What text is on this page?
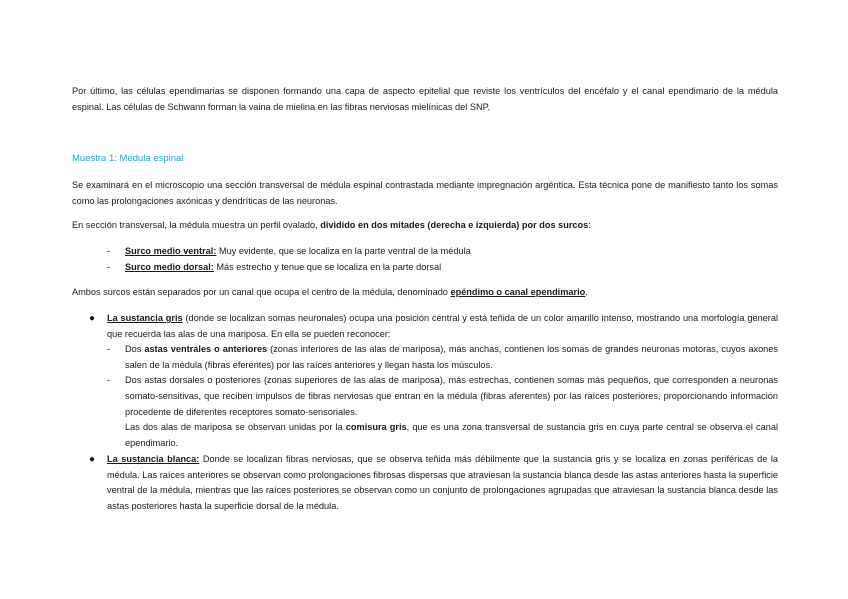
Por último, las células ependimarias se disponen formando una capa de aspecto epitelial que reviste los ventrículos del encéfalo y el canal ependimario de la médula espinal. Las células de Schwann forman la vaina de mielina en las fibras nerviosas mielínicas del SNP.

Muestra 1: Médula espinal

Se examinará en el microscopio una sección transversal de médula espinal contrastada mediante impregnación argéntica. Esta técnica pone de manifiesto tanto los somas como las prolongaciones axónicas y dendríticas de las neuronas.

En sección transversal, la médula muestra un perfil ovalado, dividido en dos mitades (derecha e izquierda) por dos surcos:

- Surco medio ventral: Muy evidente, que se localiza en la parte ventral de la médula
- Surco medio dorsal: Más estrecho y tenue que se localiza en la parte dorsal

Ambos surcos están separados por un canal que ocupa el centro de la médula, denominado epéndimo o canal ependimario.

● La sustancia gris (donde se localizan somas neuronales) ocupa una posición central y está teñida de un color amarillo intenso, mostrando una morfología general que recuerda las alas de una mariposa. En ella se pueden reconocer:
- Dos astas ventrales o anteriores (zonas inferiores de las alas de mariposa), más anchas, contienen los somas de grandes neuronas motoras, cuyos axones salen de la médula (fibras eferentes) por las raíces anteriores y llegan hasta los músculos.
- Dos astas dorsales o posteriores (zonas superiores de las alas de mariposa), más estrechas, contienen somas más pequeños, que corresponden a neuronas somato-sensitivas, que reciben impulsos de fibras nerviosas que entran en la médula (fibras aferentes) por las raíces posteriores, proporcionando información procedente de diferentes receptores somato-sensoriales.
Las dos alas de mariposa se observan unidas por la comisura gris, que es una zona transversal de sustancia gris en cuya parte central se observa el canal ependimario.
● La sustancia blanca: Donde se localizan fibras nerviosas, que se observa teñida más débilmente que la sustancia gris y se localiza en zonas periféricas de la médula. Las raíces anteriores se observan como prolongaciones fibrosas dispersas que atraviesan la sustancia blanca desde las astas anteriores hasta la superficie ventral de la médula, mientras que las raíces posteriores se observan como un conjunto de prolongaciones agrupadas que atraviesan la sustancia blanca desde las astas posteriores hasta la superficie dorsal de la médula.
